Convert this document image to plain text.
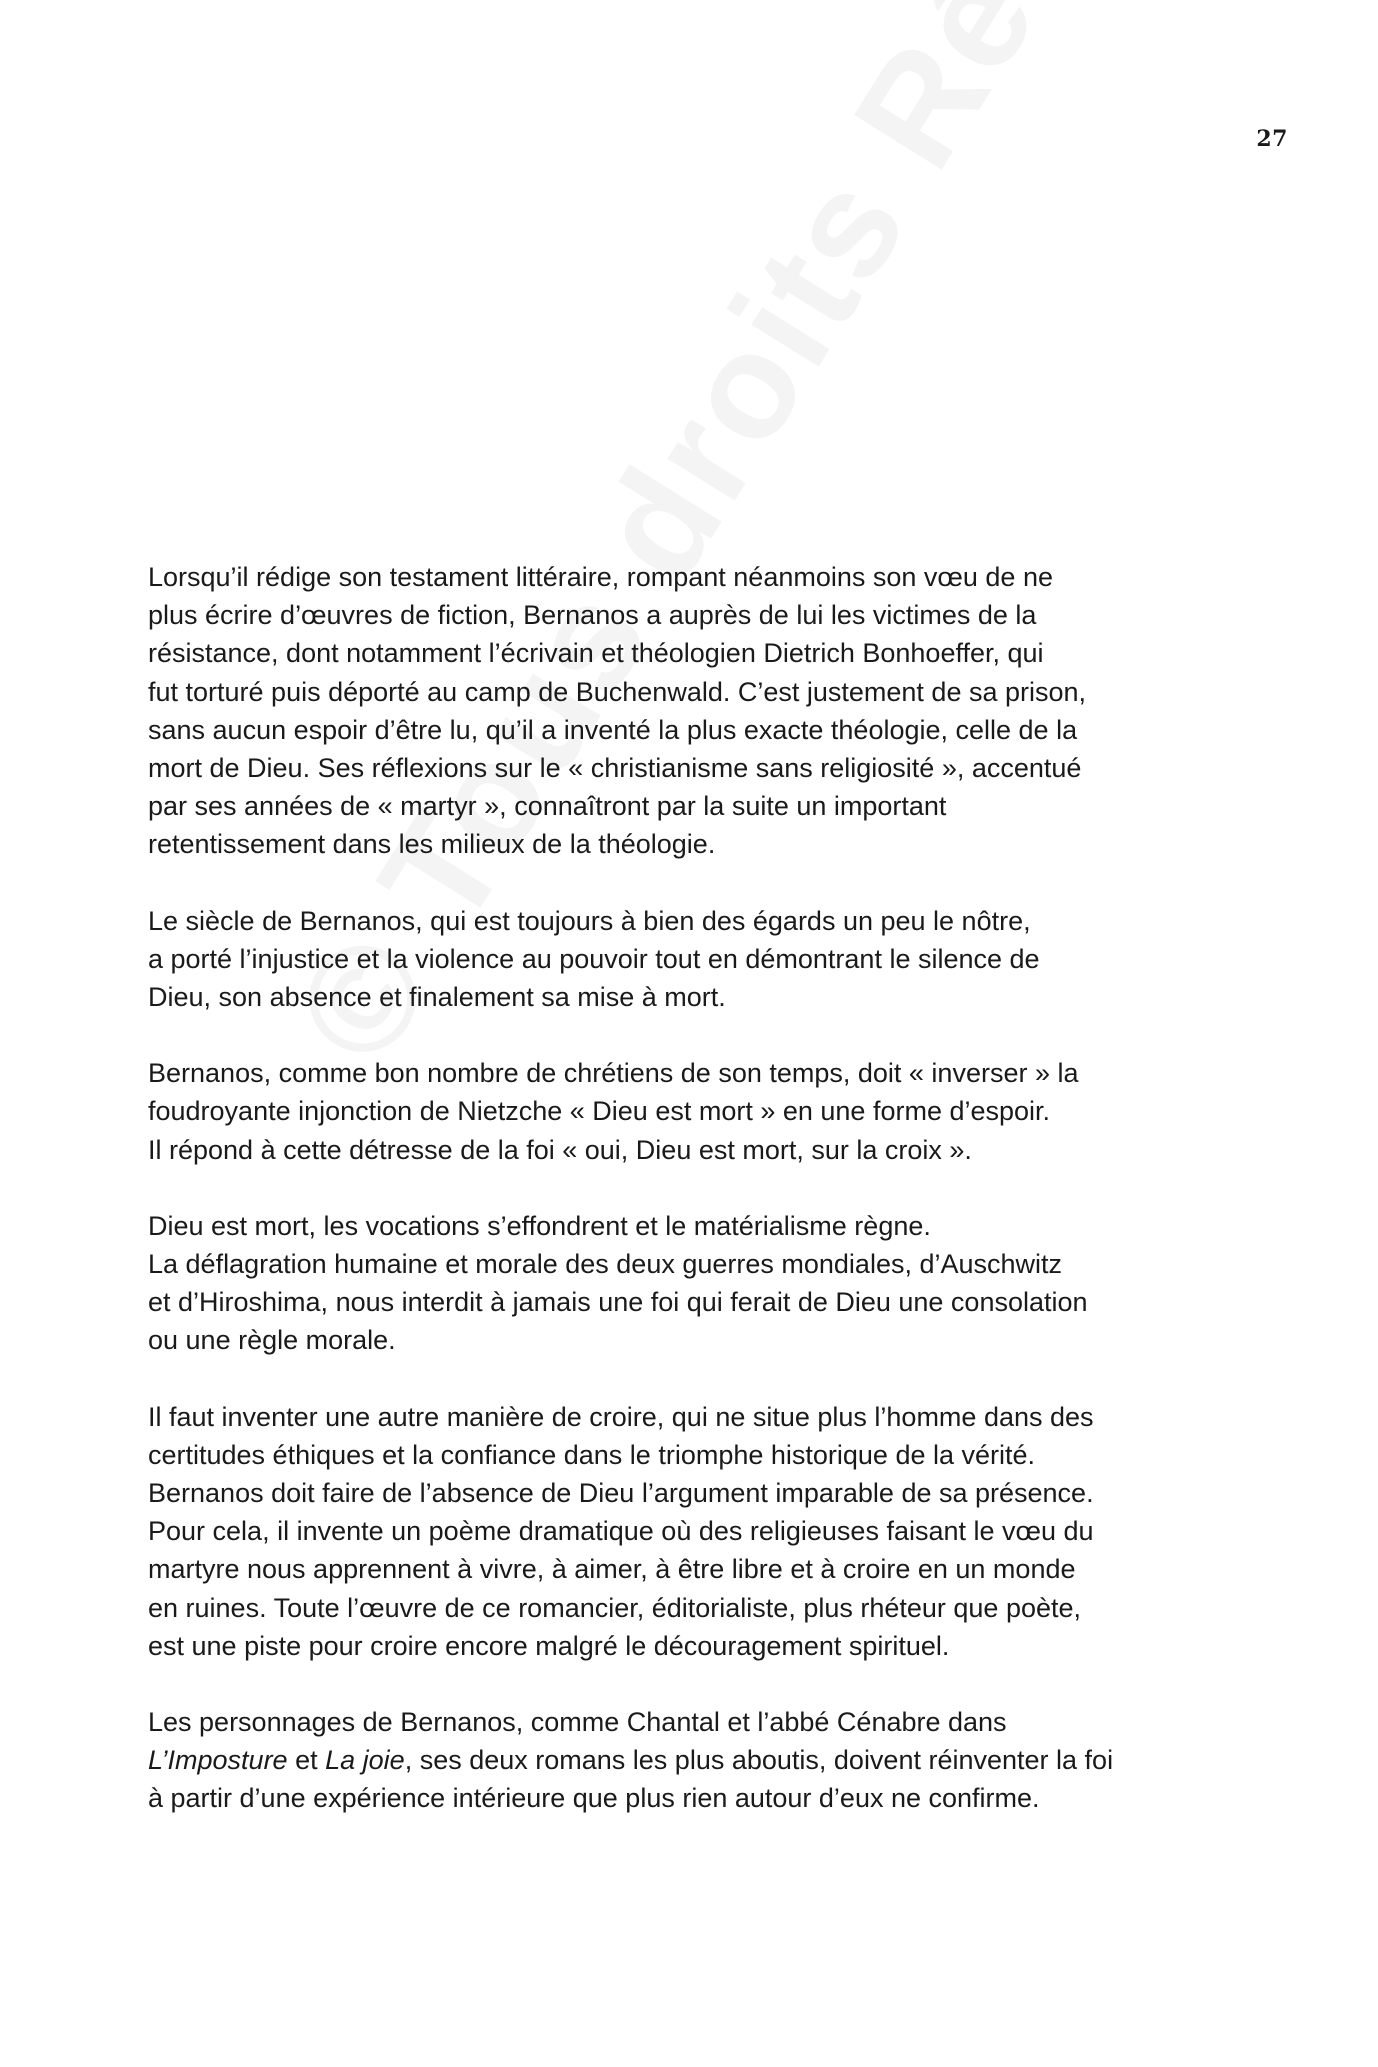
27

Lorsqu’il rédige son testament littéraire, rompant néanmoins son vœu de ne
plus écrire d’œuvres de fiction, Bernanos a auprès de lui les victimes de la
résistance, dont notamment l’écrivain et théologien Dietrich Bonhoeffer, qui
fut torturé puis déporté au camp de Buchenwald. C’est justement de sa prison,
sans aucun espoir d’être lu, qu’il a inventé la plus exacte théologie, celle de la
mort de Dieu. Ses réflexions sur le « christianisme sans religiosité », accentué
par ses années de « martyr », connaîtront par la suite un important
retentissement dans les milieux de la théologie.

Le siècle de Bernanos, qui est toujours à bien des égards un peu le nôtre,
a porté l’injustice et la violence au pouvoir tout en démontrant le silence de
Dieu, son absence et finalement sa mise à mort.

Bernanos, comme bon nombre de chrétiens de son temps, doit « inverser » la
foudroyante injonction de Nietzche « Dieu est mort » en une forme d’espoir.
Il répond à cette détresse de la foi « oui, Dieu est mort, sur la croix ».

Dieu est mort, les vocations s’effondrent et le matérialisme règne.
La déflagration humaine et morale des deux guerres mondiales, d’Auschwitz
et d’Hiroshima, nous interdit à jamais une foi qui ferait de Dieu une consolation
ou une règle morale.

Il faut inventer une autre manière de croire, qui ne situe plus l’homme dans des
certitudes éthiques et la confiance dans le triomphe historique de la vérité.
Bernanos doit faire de l’absence de Dieu l’argument imparable de sa présence.
Pour cela, il invente un poème dramatique où des religieuses faisant le vœu du
martyre nous apprennent à vivre, à aimer, à être libre et à croire en un monde
en ruines. Toute l’œuvre de ce romancier, éditorialiste, plus rhéteur que poète,
est une piste pour croire encore malgré le découragement spirituel.

Les personnages de Bernanos, comme Chantal et l’abbé Cénabre dans
L’Imposture et La joie, ses deux romans les plus aboutis, doivent réinventer la foi
à partir d’une expérience intérieure que plus rien autour d’eux ne confirme.
